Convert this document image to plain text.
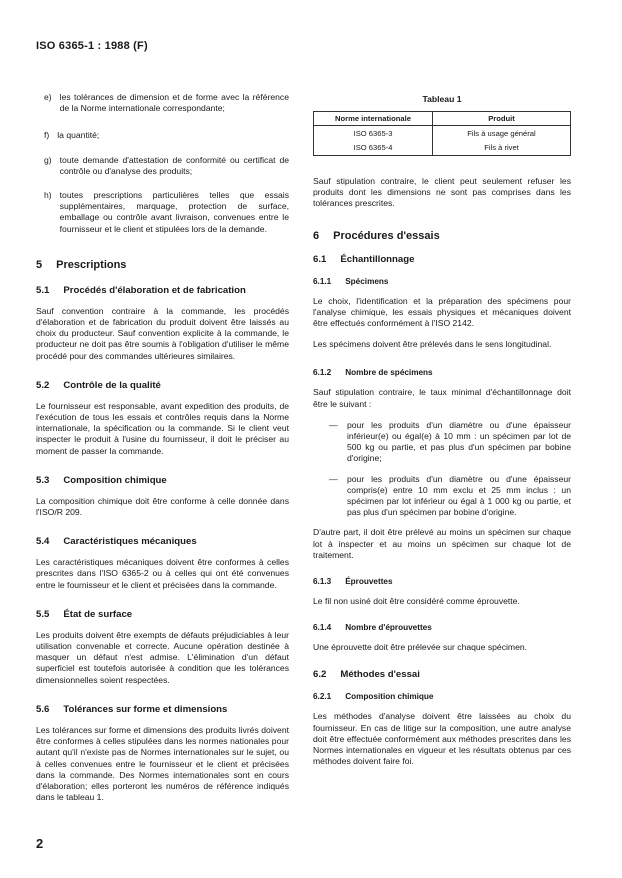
ISO 6365-1 : 1988 (F)
e) les tolérances de dimension et de forme avec la référence de la Norme internationale correspondante;

f) la quantité;

g) toute demande d'attestation de conformité ou certificat de contrôle ou d'analyse des produits;

h) toutes prescriptions particulières telles que essais supplémentaires, marquage, protection de surface, emballage ou contrôle avant livraison, convenues entre le fournisseur et le client et stipulées lors de la demande.

5 Prescriptions
5.1 Procédés d'élaboration et de fabrication

Sauf convention contraire à la commande, les procédés d'élaboration et de fabrication du produit doivent être laissés au choix du producteur. Sauf convention explicite à la commande, le producteur ne doit pas être soumis à l'obligation d'utiliser le même procédé pour des commandes ultérieures similaires.

5.2 Contrôle de la qualité

Le fournisseur est responsable, avant expedition des produits, de l'exécution de tous les essais et contrôles requis dans la Norme internationale, la spécification ou la commande. Si le client veut inspecter le produit à l'usine du fournisseur, il doit le préciser au moment de passer la commande.

5.3 Composition chimique

La composition chimique doit être conforme à celle donnée dans l'ISO/R 209.

5.4 Caractéristiques mécaniques

Les caractéristiques mécaniques doivent être conformes à celles prescrites dans l'ISO 6365-2 ou à celles qui ont été convenues entre le fournisseur et le client et précisées dans la commande.

5.5 État de surface

Les produits doivent être exempts de défauts préjudiciables à leur utilisation convenable et correcte. Aucune opération destinée à masquer un défaut n'est admise. L'élimination d'un défaut superficiel est toutefois autorisée à condition que les tolérances dimensionnelles soient respectées.

5.6 Tolérances sur forme et dimensions

Les tolérances sur forme et dimensions des produits livrés doivent être conformes à celles stipulées dans les normes nationales pour autant qu'il n'existe pas de Normes internationales sur le sujet, ou à celles convenues entre le fournisseur et le client et précisées dans la commande. Des Normes internationales sont en cours d'élaboration; elles porteront les numéros de référence indiqués dans le tableau 1.

Tableau 1
Norme internationale	Produit
ISO 6365-3	Fils à usage général
ISO 6365-4	Fils à rivet

Sauf stipulation contraire, le client peut seulement refuser les produits dont les dimensions ne sont pas comprises dans les tolérances prescrites.

6 Procédures d'essais
6.1 Échantillonnage
6.1.1 Spécimens

Le choix, l'identification et la préparation des spécimens pour l'analyse chimique, les essais physiques et mécaniques doivent être effectués conformément à l'ISO 2142.

Les spécimens doivent être prélevés dans le sens longitudinal.

6.1.2 Nombre de spécimens

Sauf stipulation contraire, le taux minimal d'échantillonnage doit être le suivant :

— pour les produits d'un diamètre ou d'une épaisseur inférieur(e) ou égal(e) à 10 mm : un spécimen par lot de 500 kg ou partie, et pas plus d'un spécimen par bobine d'origine;

— pour les produits d'un diamètre ou d'une épaisseur compris(e) entre 10 mm exclu et 25 mm inclus : un spécimen par lot inférieur ou égal à 1 000 kg ou partie, et pas plus d'un spécimen par bobine d'origine.

D'autre part, il doit être prélevé au moins un spécimen sur chaque lot à inspecter et au moins un spécimen sur chaque lot de traitement.

6.1.3 Éprouvettes

Le fil non usiné doit être considéré comme éprouvette.

6.1.4 Nombre d'éprouvettes

Une éprouvette doit être prélevée sur chaque spécimen.

6.2 Méthodes d'essai
6.2.1 Composition chimique

Les méthodes d'analyse doivent être laissées au choix du fournisseur. En cas de litige sur la composition, une autre analyse doit être effectuée conformément aux méthodes prescrites dans les Normes internationales en vigueur et les résultats obtenus par ces méthodes doivent faire foi.

2
